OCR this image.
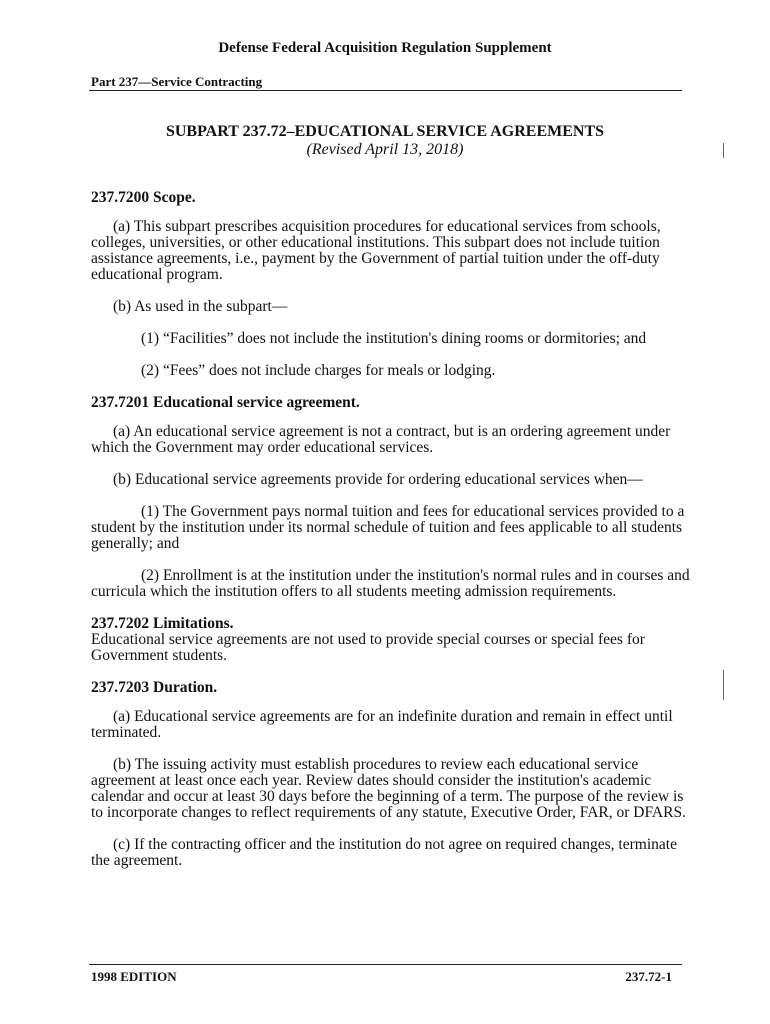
Defense Federal Acquisition Regulation Supplement
Part 237—Service Contracting
SUBPART 237.72–EDUCATIONAL SERVICE AGREEMENTS
(Revised April 13, 2018)
237.7200 Scope.

(a) This subpart prescribes acquisition procedures for educational services from schools, colleges, universities, or other educational institutions. This subpart does not include tuition assistance agreements, i.e., payment by the Government of partial tuition under the off-duty educational program.

(b) As used in the subpart—

(1) “Facilities” does not include the institution's dining rooms or dormitories; and

(2) “Fees” does not include charges for meals or lodging.

237.7201 Educational service agreement.

(a) An educational service agreement is not a contract, but is an ordering agreement under which the Government may order educational services.

(b) Educational service agreements provide for ordering educational services when—

(1) The Government pays normal tuition and fees for educational services provided to a student by the institution under its normal schedule of tuition and fees applicable to all students generally; and

(2) Enrollment is at the institution under the institution's normal rules and in courses and curricula which the institution offers to all students meeting admission requirements.

237.7202 Limitations.

Educational service agreements are not used to provide special courses or special fees for Government students.

237.7203 Duration.

(a) Educational service agreements are for an indefinite duration and remain in effect until terminated.

(b) The issuing activity must establish procedures to review each educational service agreement at least once each year. Review dates should consider the institution's academic calendar and occur at least 30 days before the beginning of a term. The purpose of the review is to incorporate changes to reflect requirements of any statute, Executive Order, FAR, or DFARS.

(c) If the contracting officer and the institution do not agree on required changes, terminate the agreement.

1998 EDITION	237.72-1
